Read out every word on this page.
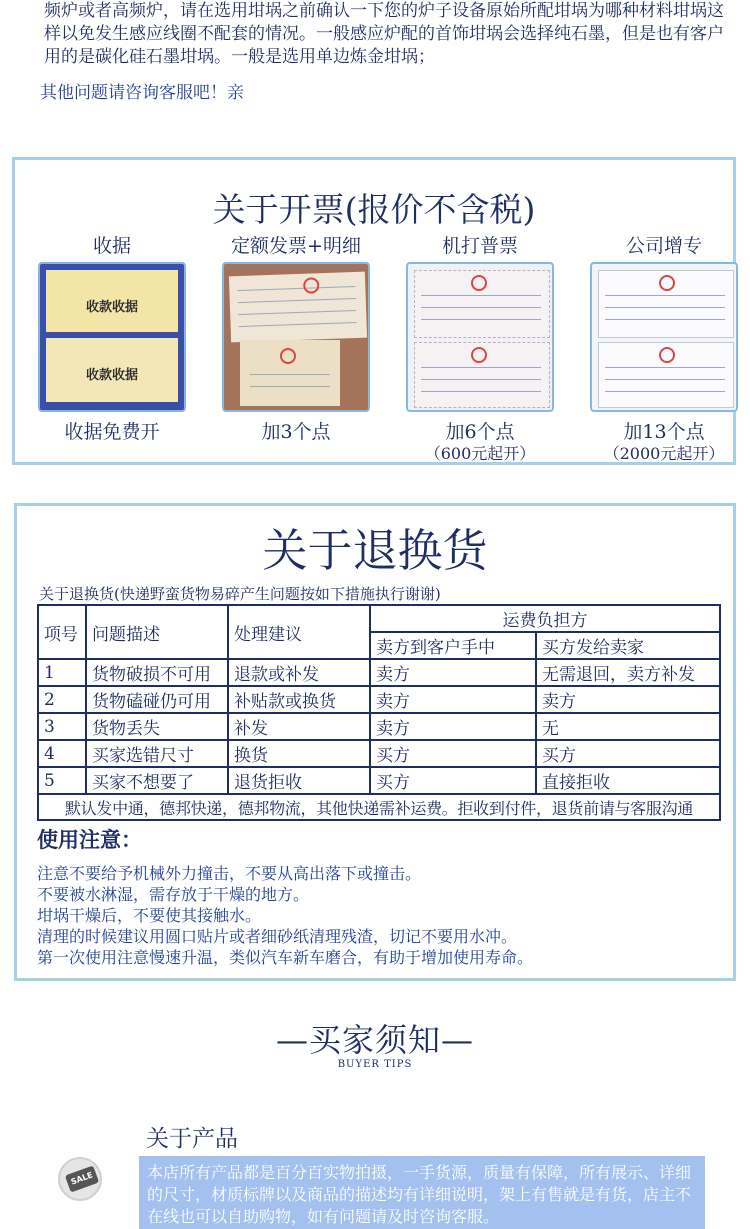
频炉或者高频炉，请在选用坩埚之前确认一下您的炉子设备原始所配坩埚为哪种材料坩埚这样以免发生感应线圈不配套的情况。一般感应炉配的首饰坩埚会选择纯石墨，但是也有客户用的是碳化硅石墨坩埚。一般是选用单边炼金坩埚；
其他问题请咨询客服吧！亲
关于开票(报价不含税)
收据
收款收据
收款收据
收据免费开
定额发票+明细
加3个点
机打普票
加6个点
（600元起开）
公司增专
加13个点
（2000元起开）
关于退换货
关于退换货(快递野蛮货物易碎产生问题按如下措施执行谢谢)
项号	问题描述	处理建议	运费负担方	
			卖方到客户手中	买方发给卖家
1	货物破损不可用	退款或补发	卖方	无需退回，卖方补发
2	货物磕碰仍可用	补贴款或换货	卖方	卖方
3	货物丢失	补发	卖方	无
4	买家选错尺寸	换货	买方	买方
5	买家不想要了	退货拒收	买方	直接拒收
默认发中通，德邦快递，德邦物流，其他快递需补运费。拒收到付件，退货前请与客服沟通				
使用注意：
注意不要给予机械外力撞击，不要从高出落下或撞击。
不要被水淋湿，需存放于干燥的地方。
坩埚干燥后，不要使其接触水。
清理的时候建议用圆口贴片或者细砂纸清理残渣，切记不要用水冲。
第一次使用注意慢速升温，类似汽车新车磨合，有助于增加使用寿命。
—买家须知—
BUYER TIPS
关于产品
SALE	本店所有产品都是百分百实物拍摄，一手货源，质量有保障，所有展示、详细的尺寸，材质标牌以及商品的描述均有详细说明，架上有售就是有货，店主不在线也可以自助购物，如有问题请及时咨询客服。
